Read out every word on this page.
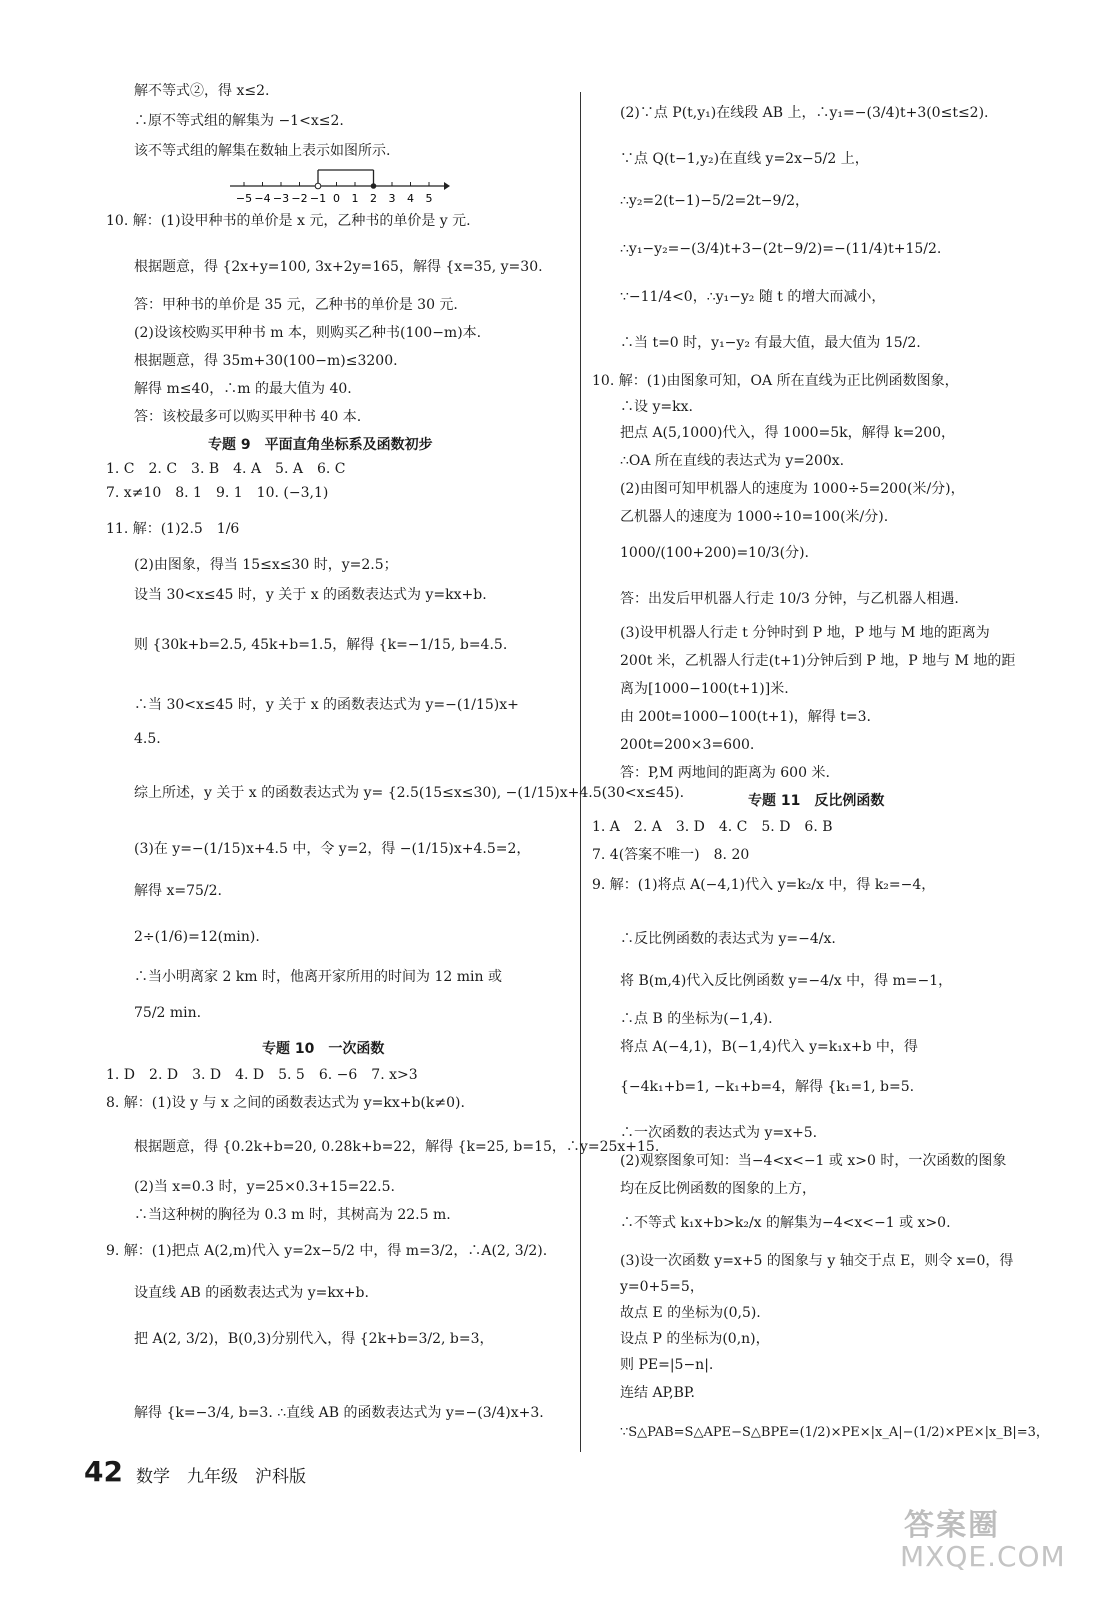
解不等式②，得 x≤2.
∴原不等式组的解集为 −1<x≤2.
该不等式组的解集在数轴上表示如图所示.
−5 −4 −3 −2 −1 0 1 2 3 4 5
10. 解：(1)设甲种书的单价是 x 元，乙种书的单价是 y 元.
根据题意，得 {2x+y=100, 3x+2y=165，解得 {x=35, y=30.
答：甲种书的单价是 35 元，乙种书的单价是 30 元.
(2)设该校购买甲种书 m 本，则购买乙种书(100−m)本.
根据题意，得 35m+30(100−m)≤3200.
解得 m≤40，∴m 的最大值为 40.
答：该校最多可以购买甲种书 40 本.
专题 9　平面直角坐标系及函数初步
1. C　2. C　3. B　4. A　5. A　6. C
7. x≠10　8. 1　9. 1　10. (−3,1)
11. 解：(1)2.5　1/6
(2)由图象，得当 15≤x≤30 时，y=2.5；
设当 30<x≤45 时，y 关于 x 的函数表达式为 y=kx+b.
则 {30k+b=2.5, 45k+b=1.5，解得 {k=−1/15, b=4.5.
∴当 30<x≤45 时，y 关于 x 的函数表达式为 y=−(1/15)x+
4.5.
综上所述，y 关于 x 的函数表达式为 y= {2.5(15≤x≤30), −(1/15)x+4.5(30<x≤45).
(3)在 y=−(1/15)x+4.5 中，令 y=2，得 −(1/15)x+4.5=2，
解得 x=75/2.
2÷(1/6)=12(min).
∴当小明离家 2 km 时，他离开家所用的时间为 12 min 或
75/2 min.
专题 10　一次函数
1. D　2. D　3. D　4. D　5. 5　6. −6　7. x>3
8. 解：(1)设 y 与 x 之间的函数表达式为 y=kx+b(k≠0).
根据题意，得 {0.2k+b=20, 0.28k+b=22，解得 {k=25, b=15，∴y=25x+15.
(2)当 x=0.3 时，y=25×0.3+15=22.5.
∴当这种树的胸径为 0.3 m 时，其树高为 22.5 m.
9. 解：(1)把点 A(2,m)代入 y=2x−5/2 中，得 m=3/2，∴A(2, 3/2).
设直线 AB 的函数表达式为 y=kx+b.
把 A(2, 3/2)，B(0,3)分别代入，得 {2k+b=3/2, b=3，
解得 {k=−3/4, b=3. ∴直线 AB 的函数表达式为 y=−(3/4)x+3.
(2)∵点 P(t,y₁)在线段 AB 上，∴y₁=−(3/4)t+3(0≤t≤2).
∵点 Q(t−1,y₂)在直线 y=2x−5/2 上，
∴y₂=2(t−1)−5/2=2t−9/2，
∴y₁−y₂=−(3/4)t+3−(2t−9/2)=−(11/4)t+15/2.
∵−11/4<0，∴y₁−y₂ 随 t 的增大而减小，
∴当 t=0 时，y₁−y₂ 有最大值，最大值为 15/2.
10. 解：(1)由图象可知，OA 所在直线为正比例函数图象，
∴设 y=kx.
把点 A(5,1000)代入，得 1000=5k，解得 k=200，
∴OA 所在直线的表达式为 y=200x.
(2)由图可知甲机器人的速度为 1000÷5=200(米/分)，
乙机器人的速度为 1000÷10=100(米/分).
1000/(100+200)=10/3(分).
答：出发后甲机器人行走 10/3 分钟，与乙机器人相遇.
(3)设甲机器人行走 t 分钟时到 P 地，P 地与 M 地的距离为
200t 米，乙机器人行走(t+1)分钟后到 P 地，P 地与 M 地的距
离为[1000−100(t+1)]米.
由 200t=1000−100(t+1)，解得 t=3.
200t=200×3=600.
答：P,M 两地间的距离为 600 米.
专题 11　反比例函数
1. A　2. A　3. D　4. C　5. D　6. B
7. 4(答案不唯一)　8. 20
9. 解：(1)将点 A(−4,1)代入 y=k₂/x 中，得 k₂=−4，
∴反比例函数的表达式为 y=−4/x.
将 B(m,4)代入反比例函数 y=−4/x 中，得 m=−1，
∴点 B 的坐标为(−1,4).
将点 A(−4,1)，B(−1,4)代入 y=k₁x+b 中，得
{−4k₁+b=1, −k₁+b=4，解得 {k₁=1, b=5.
∴一次函数的表达式为 y=x+5.
(2)观察图象可知：当−4<x<−1 或 x>0 时，一次函数的图象
均在反比例函数的图象的上方，
∴不等式 k₁x+b>k₂/x 的解集为−4<x<−1 或 x>0.
(3)设一次函数 y=x+5 的图象与 y 轴交于点 E，则令 x=0，得
y=0+5=5，
故点 E 的坐标为(0,5).
设点 P 的坐标为(0,n)，
则 PE=|5−n|.
连结 AP,BP.
∵S△PAB=S△APE−S△BPE=(1/2)×PE×|x_A|−(1/2)×PE×|x_B|=3，
42 数学　九年级　沪科版
答案圈
MXQE.COM
